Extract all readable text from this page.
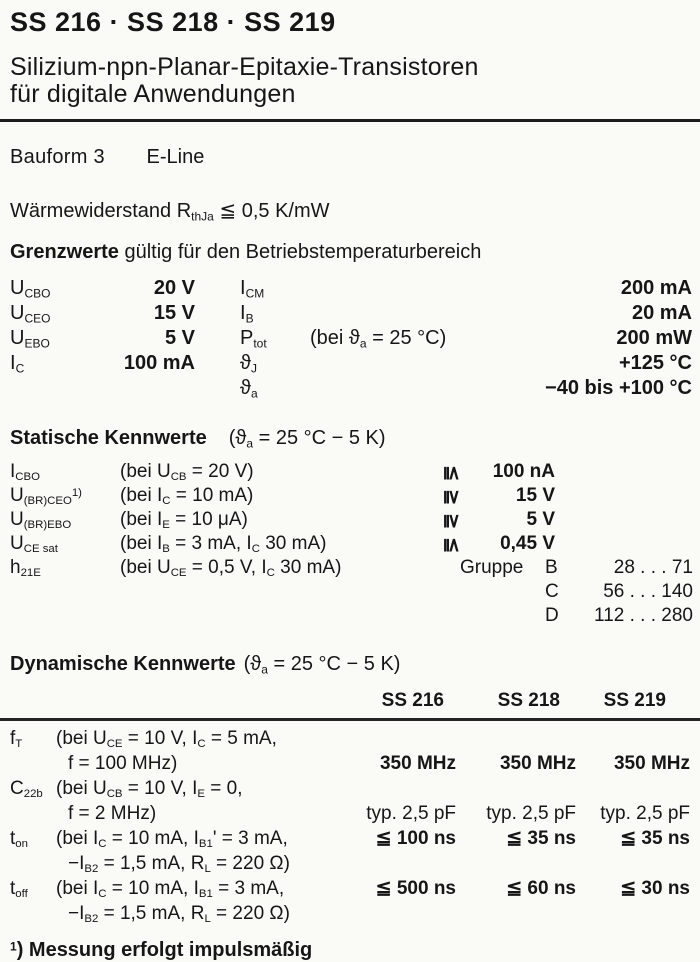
SS 216 · SS 218 · SS 219
Silizium-npn-Planar-Epitaxie-Transistoren
für digitale Anwendungen
Bauform 3 E-Line
Wärmewiderstand $R_{thJa}$ ≦ 0,5 K/mW
Grenzwerte gültig für den Betriebstemperaturbereich
$U_{CBO}$	20 V $I_{CM}$	200 mA
$U_{CEO}$	15 V $I_B$	20 mA
$U_{EBO}$	5 V $P_{tot}$	(bei $ϑ_a = 25$ °C)	200 mW
$I_C$	100 mA $ϑ_J$	+125 °C
$ϑ_a$	−40 bis +100 °C
Statische Kennwerte ($ϑ_a = 25$ °C − 5 K)
$I_{CBO}$	(bei $U_{CB} = 20$ V)	≦	100 nA
$U_{(BR)CEO}^{1)}$	(bei $I_C = 10$ mA)	≧	15 V
$U_{(BR)EBO}$	(bei $I_E = 10$ μA)	≧	5 V
$U_{CE sat}$	(bei $I_B = 3$ mA, $I_C$ 30 mA)	≦	0,45 V
$h_{21E}$	(bei $U_{CE} = 0,5$ V, $I_C$ 30 mA)	Gruppe	B	28 . . . 71
C	56 . . . 140
D	112 . . . 280
Dynamische Kennwerte ($ϑ_a = 25$ °C − 5 K)
SS 216	SS 218	SS 219
$f_T$	(bei $U_{CE} = 10$ V, $I_C = 5$ mA,
f = 100 MHz)	350 MHz	350 MHz	350 MHz
$C_{22b}$ (bei $U_{CB} = 10$ V, $I_E = 0$,
f = 2 MHz)	typ. 2,5 pF	typ. 2,5 pF	typ. 2,5 pF
$t_{on}$	(bei $I_C = 10$ mA, $I_{B1}' = 3$ mA,	≦ 100 ns	≦ 35 ns	≦ 35 ns
$-I_{B2} = 1,5$ mA, $R_L = 220$ Ω)
$t_{off}$	(bei $I_C = 10$ mA, $I_{B1} = 3$ mA,	≦ 500 ns	≦ 60 ns	≦ 30 ns
$-I_{B2} = 1,5$ mA, $R_L = 220$ Ω)
$^1$) Messung erfolgt impulsmäßig
